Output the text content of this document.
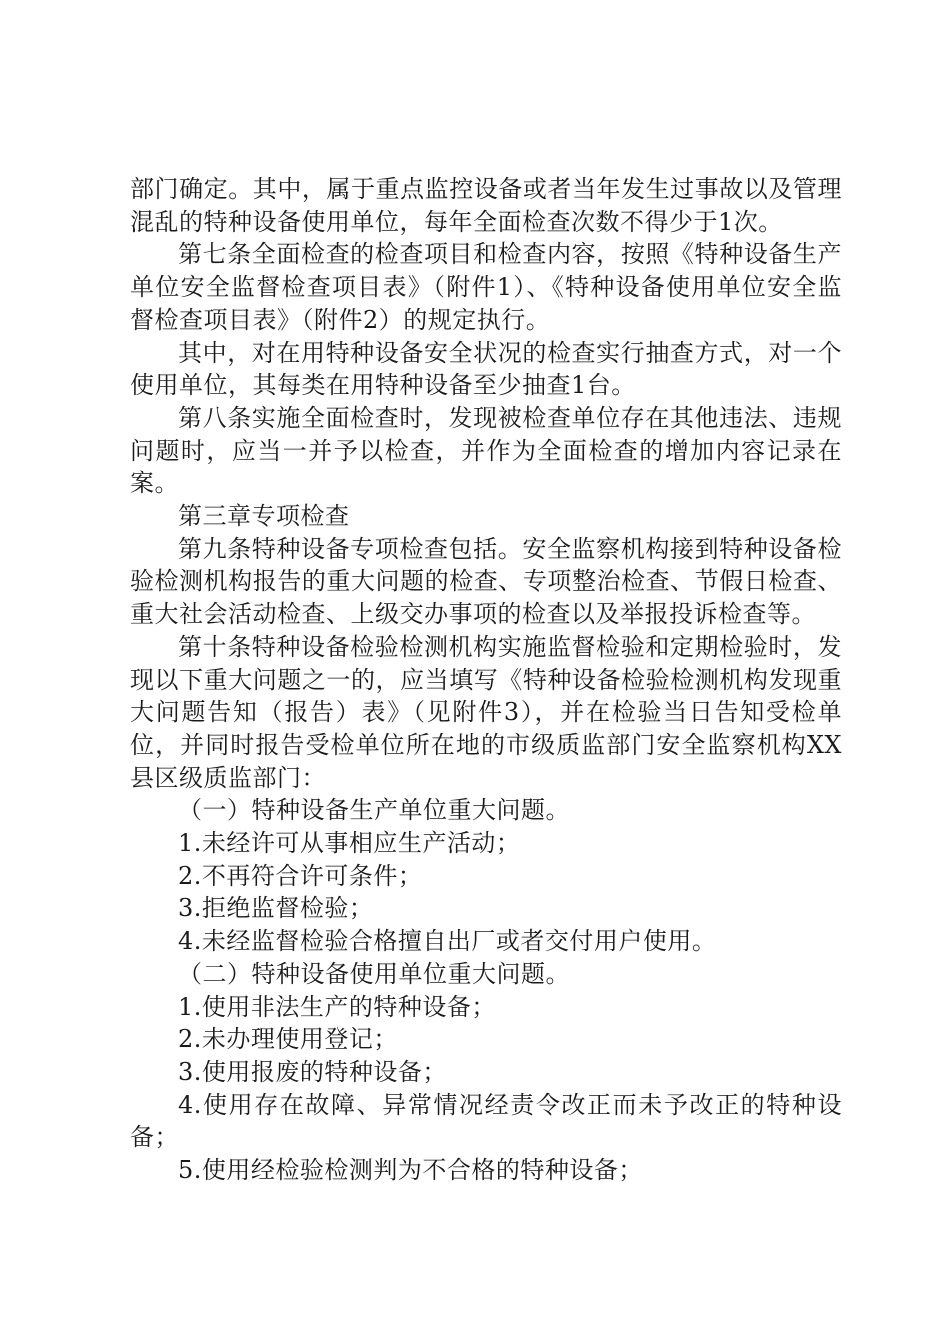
部门确定。其中，属于重点监控设备或者当年发生过事故以及管理混乱的特种设备使用单位，每年全面检查次数不得少于1次。

第七条全面检查的检查项目和检查内容，按照《特种设备生产单位安全监督检查项目表》（附件1）、《特种设备使用单位安全监督检查项目表》（附件2）的规定执行。

其中，对在用特种设备安全状况的检查实行抽查方式，对一个使用单位，其每类在用特种设备至少抽查1台。

第八条实施全面检查时，发现被检查单位存在其他违法、违规问题时，应当一并予以检查，并作为全面检查的增加内容记录在案。

第三章专项检查

第九条特种设备专项检查包括。安全监察机构接到特种设备检验检测机构报告的重大问题的检查、专项整治检查、节假日检查、重大社会活动检查、上级交办事项的检查以及举报投诉检查等。

第十条特种设备检验检测机构实施监督检验和定期检验时，发现以下重大问题之一的，应当填写《特种设备检验检测机构发现重大问题告知（报告）表》（见附件3），并在检验当日告知受检单位，并同时报告受检单位所在地的市级质监部门安全监察机构XX县区级质监部门：

（一）特种设备生产单位重大问题。

1.未经许可从事相应生产活动；

2.不再符合许可条件；

3.拒绝监督检验；

4.未经监督检验合格擅自出厂或者交付用户使用。

（二）特种设备使用单位重大问题。

1.使用非法生产的特种设备；

2.未办理使用登记；

3.使用报废的特种设备；

4.使用存在故障、异常情况经责令改正而未予改正的特种设备；

5.使用经检验检测判为不合格的特种设备；
